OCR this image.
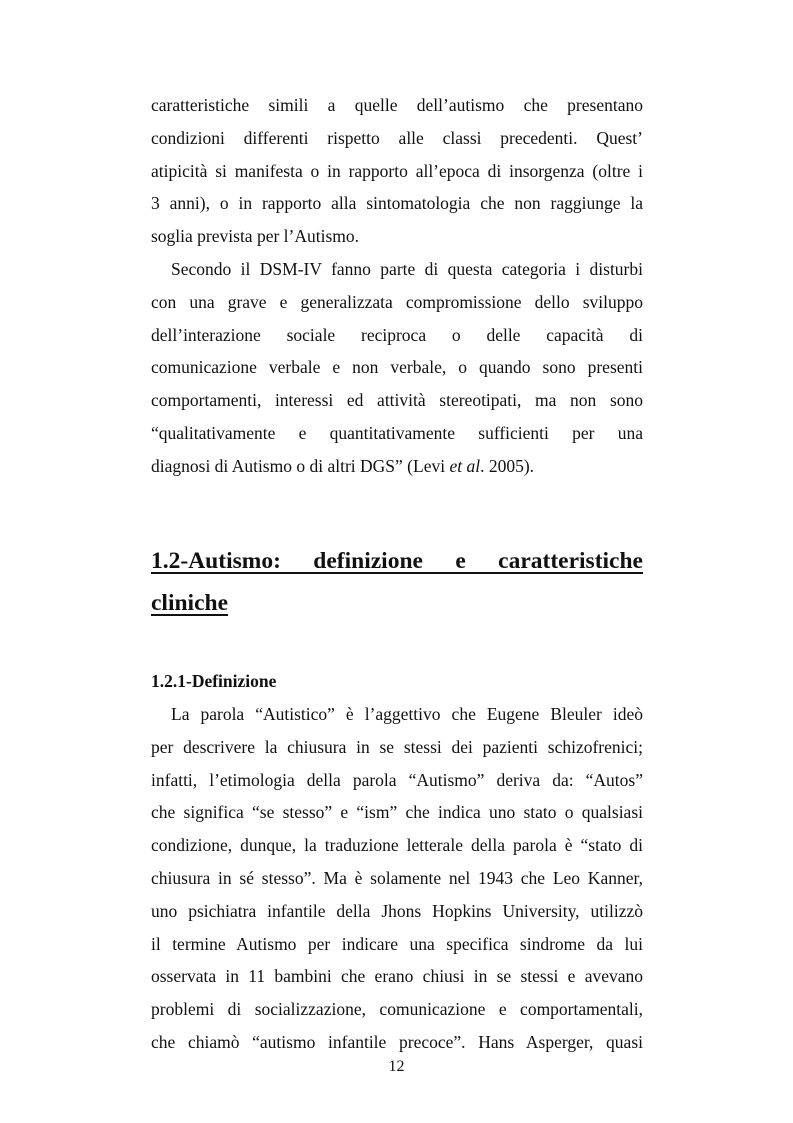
caratteristiche simili a quelle dell’autismo che presentano
condizioni differenti rispetto alle classi precedenti. Quest’
atipicità si manifesta o in rapporto all’epoca di insorgenza (oltre i
3 anni), o in rapporto alla sintomatologia che non raggiunge la
soglia prevista per l’Autismo.

Secondo il DSM-IV fanno parte di questa categoria i disturbi
con una grave e generalizzata compromissione dello sviluppo
dell’interazione sociale reciproca o delle capacità di
comunicazione verbale e non verbale, o quando sono presenti
comportamenti, interessi ed attività stereotipati, ma non sono
“qualitativamente e quantitativamente sufficienti per una
diagnosi di Autismo o di altri DGS” (Levi et al. 2005).

1.2-Autismo: definizione e caratteristiche
cliniche
1.2.1-Definizione

La parola “Autistico” è l’aggettivo che Eugene Bleuler ideò
per descrivere la chiusura in se stessi dei pazienti schizofrenici;
infatti, l’etimologia della parola “Autismo” deriva da: “Autos”
che significa “se stesso” e “ism” che indica uno stato o qualsiasi
condizione, dunque, la traduzione letterale della parola è “stato di
chiusura in sé stesso”. Ma è solamente nel 1943 che Leo Kanner,
uno psichiatra infantile della Jhons Hopkins University, utilizzò
il termine Autismo per indicare una specifica sindrome da lui
osservata in 11 bambini che erano chiusi in se stessi e avevano
problemi di socializzazione, comunicazione e comportamentali,
che chiamò “autismo infantile precoce”. Hans Asperger, quasi

12
